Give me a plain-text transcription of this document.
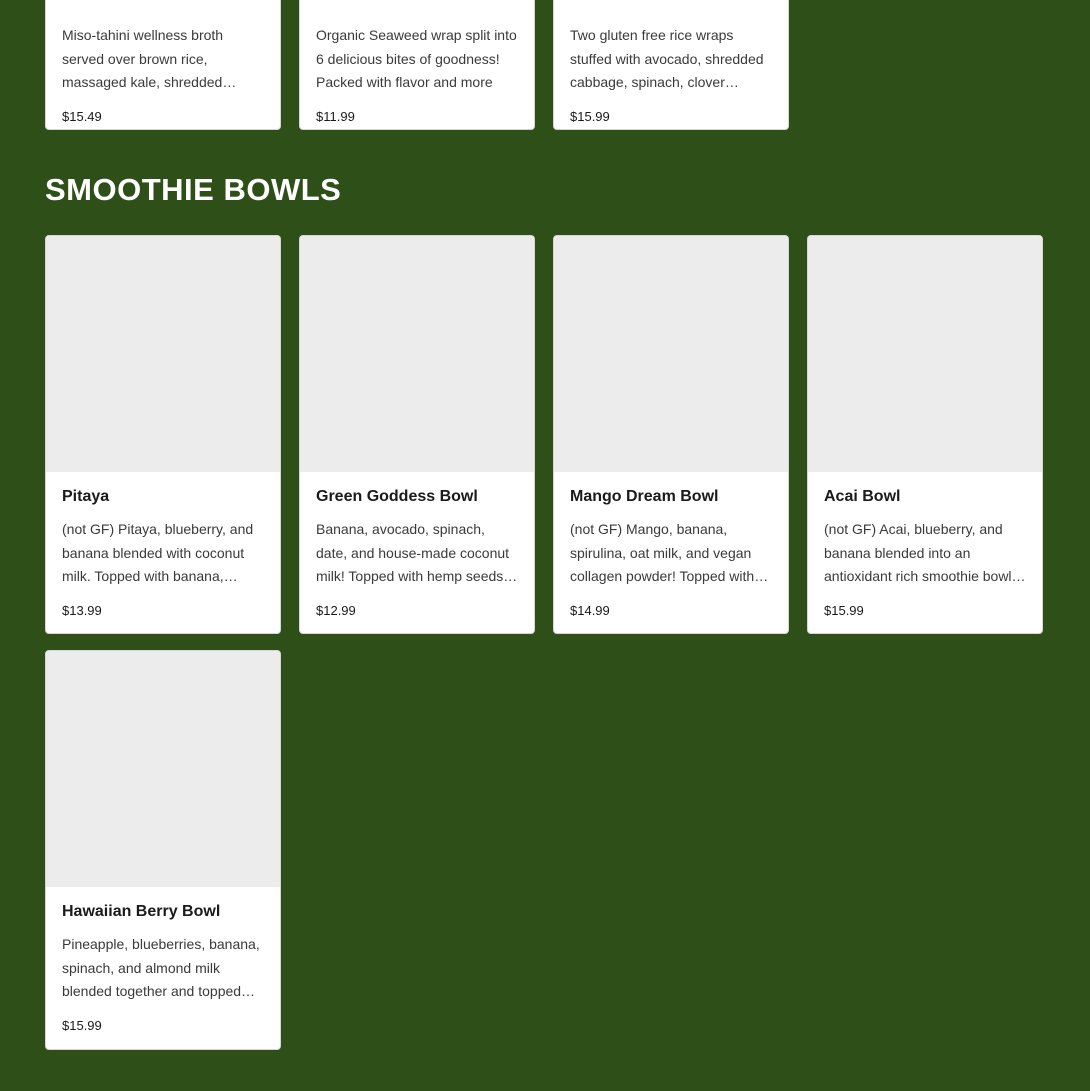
Miso-tahini wellness broth served over brown rice, massaged kale, shredded
$15.49
Organic Seaweed wrap split into 6 delicious bites of goodness! Packed with flavor and more
$11.99
Two gluten free rice wraps stuffed with avocado, shredded cabbage, spinach, clover
$15.99
SMOOTHIE BOWLS
Pitaya
(not GF) Pitaya, blueberry, and banana blended with coconut milk. Topped with banana,
$13.99
Green Goddess Bowl
Banana, avocado, spinach, date, and house-made coconut milk! Topped with hemp seeds,
$12.99
Mango Dream Bowl
(not GF) Mango, banana, spirulina, oat milk, and vegan collagen powder! Topped with
$14.99
Acai Bowl
(not GF) Acai, blueberry, and banana blended into an antioxidant rich smoothie bowl
$15.99
Hawaiian Berry Bowl
Pineapple, blueberries, banana, spinach, and almond milk blended together and topped
$15.99
